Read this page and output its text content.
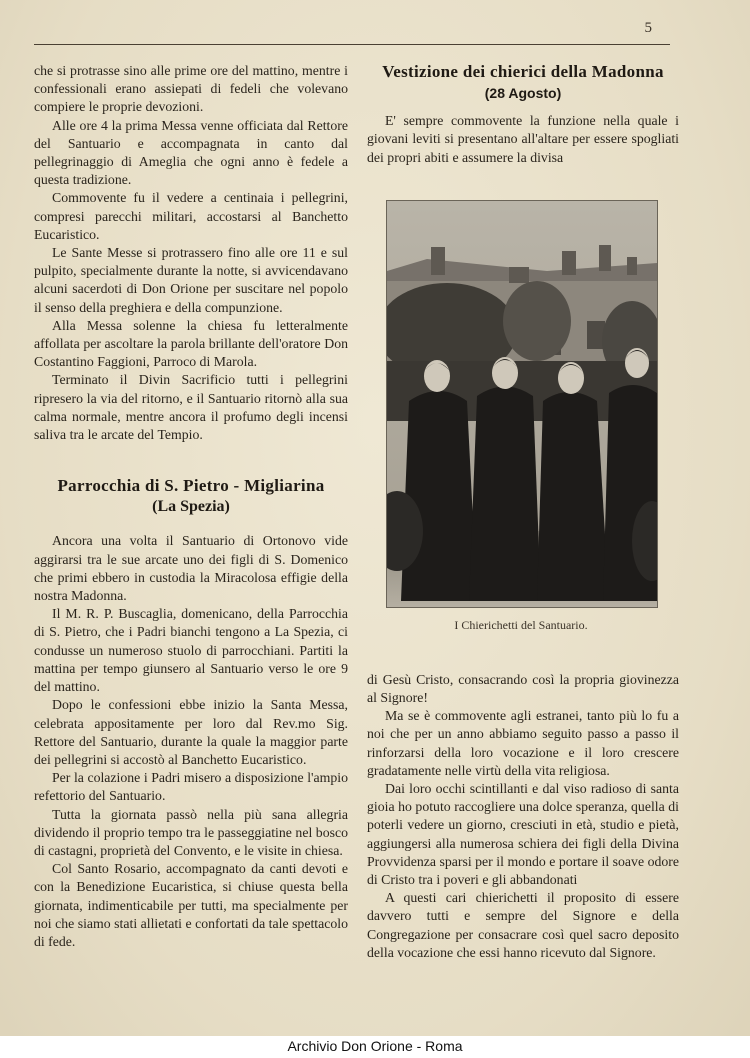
5

che si protrasse sino alle prime ore del mattino, mentre i confessionali erano assiepati di fedeli che volevano compiere le proprie devozioni.

Alle ore 4 la prima Messa venne officiata dal Rettore del Santuario e accompagnata in canto dal pellegrinaggio di Ameglia che ogni anno è fedele a questa tradizione.

Commovente fu il vedere a centinaia i pellegrini, compresi parecchi militari, accostarsi al Banchetto Eucaristico.

Le Sante Messe si protrassero fino alle ore 11 e sul pulpito, specialmente durante la notte, si avvicendavano alcuni sacerdoti di Don Orione per suscitare nel popolo il senso della preghiera e della compunzione.

Alla Messa solenne la chiesa fu letteralmente affollata per ascoltare la parola brillante dell'oratore Don Costantino Faggioni, Parroco di Marola.

Terminato il Divin Sacrificio tutti i pellegrini ripresero la via del ritorno, e il Santuario ritornò alla sua calma normale, mentre ancora il profumo degli incensi saliva tra le arcate del Tempio.

Parrocchia di S. Pietro - Migliarina
(La Spezia)

Ancora una volta il Santuario di Ortonovo vide aggirarsi tra le sue arcate uno dei figli di S. Domenico che primi ebbero in custodia la Miracolosa effigie della nostra Madonna.

Il M. R. P. Buscaglia, domenicano, della Parrocchia di S. Pietro, che i Padri bianchi tengono a La Spezia, ci condusse un numeroso stuolo di parrocchiani. Partiti la mattina per tempo giunsero al Santuario verso le ore 9 del mattino.

Dopo le confessioni ebbe inizio la Santa Messa, celebrata appositamente per loro dal Rev.mo Sig. Rettore del Santuario, durante la quale la maggior parte dei pellegrini si accostò al Banchetto Eucaristico.

Per la colazione i Padri misero a disposizione l'ampio refettorio del Santuario.

Tutta la giornata passò nella più sana allegria dividendo il proprio tempo tra le passeggiatine nel bosco di castagni, proprietà del Convento, e le visite in chiesa.

Col Santo Rosario, accompagnato da canti devoti e con la Benedizione Eucaristica, si chiuse questa bella giornata, indimenticabile per tutti, ma specialmente per noi che siamo stati allietati e confortati da tale spettacolo di fede.

Vestizione dei chierici della Madonna
(28 Agosto)

E' sempre commovente la funzione nella quale i giovani leviti si presentano all'altare per essere spogliati dei propri abiti e assumere la divisa

di Gesù Cristo, consacrando così la propria giovinezza al Signore!

Ma se è commovente agli estranei, tanto più lo fu a noi che per un anno abbiamo seguito passo a passo il rinforzarsi della loro vocazione e il loro crescere gradatamente nelle virtù della vita religiosa.

Dai loro occhi scintillanti e dal viso radioso di santa gioia ho potuto raccogliere una dolce speranza, quella di poterli vedere un giorno, cresciuti in età, studio e pietà, aggiungersi alla numerosa schiera dei figli della Divina Provvidenza sparsi per il mondo e portare il soave odore di Cristo tra i poveri e gli abbandonati

A questi cari chierichetti il proposito di essere davvero tutti e sempre del Signore e della Congregazione per consacrare così quel sacro deposito della vocazione che essi hanno ricevuto dal Signore.

I Chierichetti del Santuario.
Archivio Don Orione - Roma
